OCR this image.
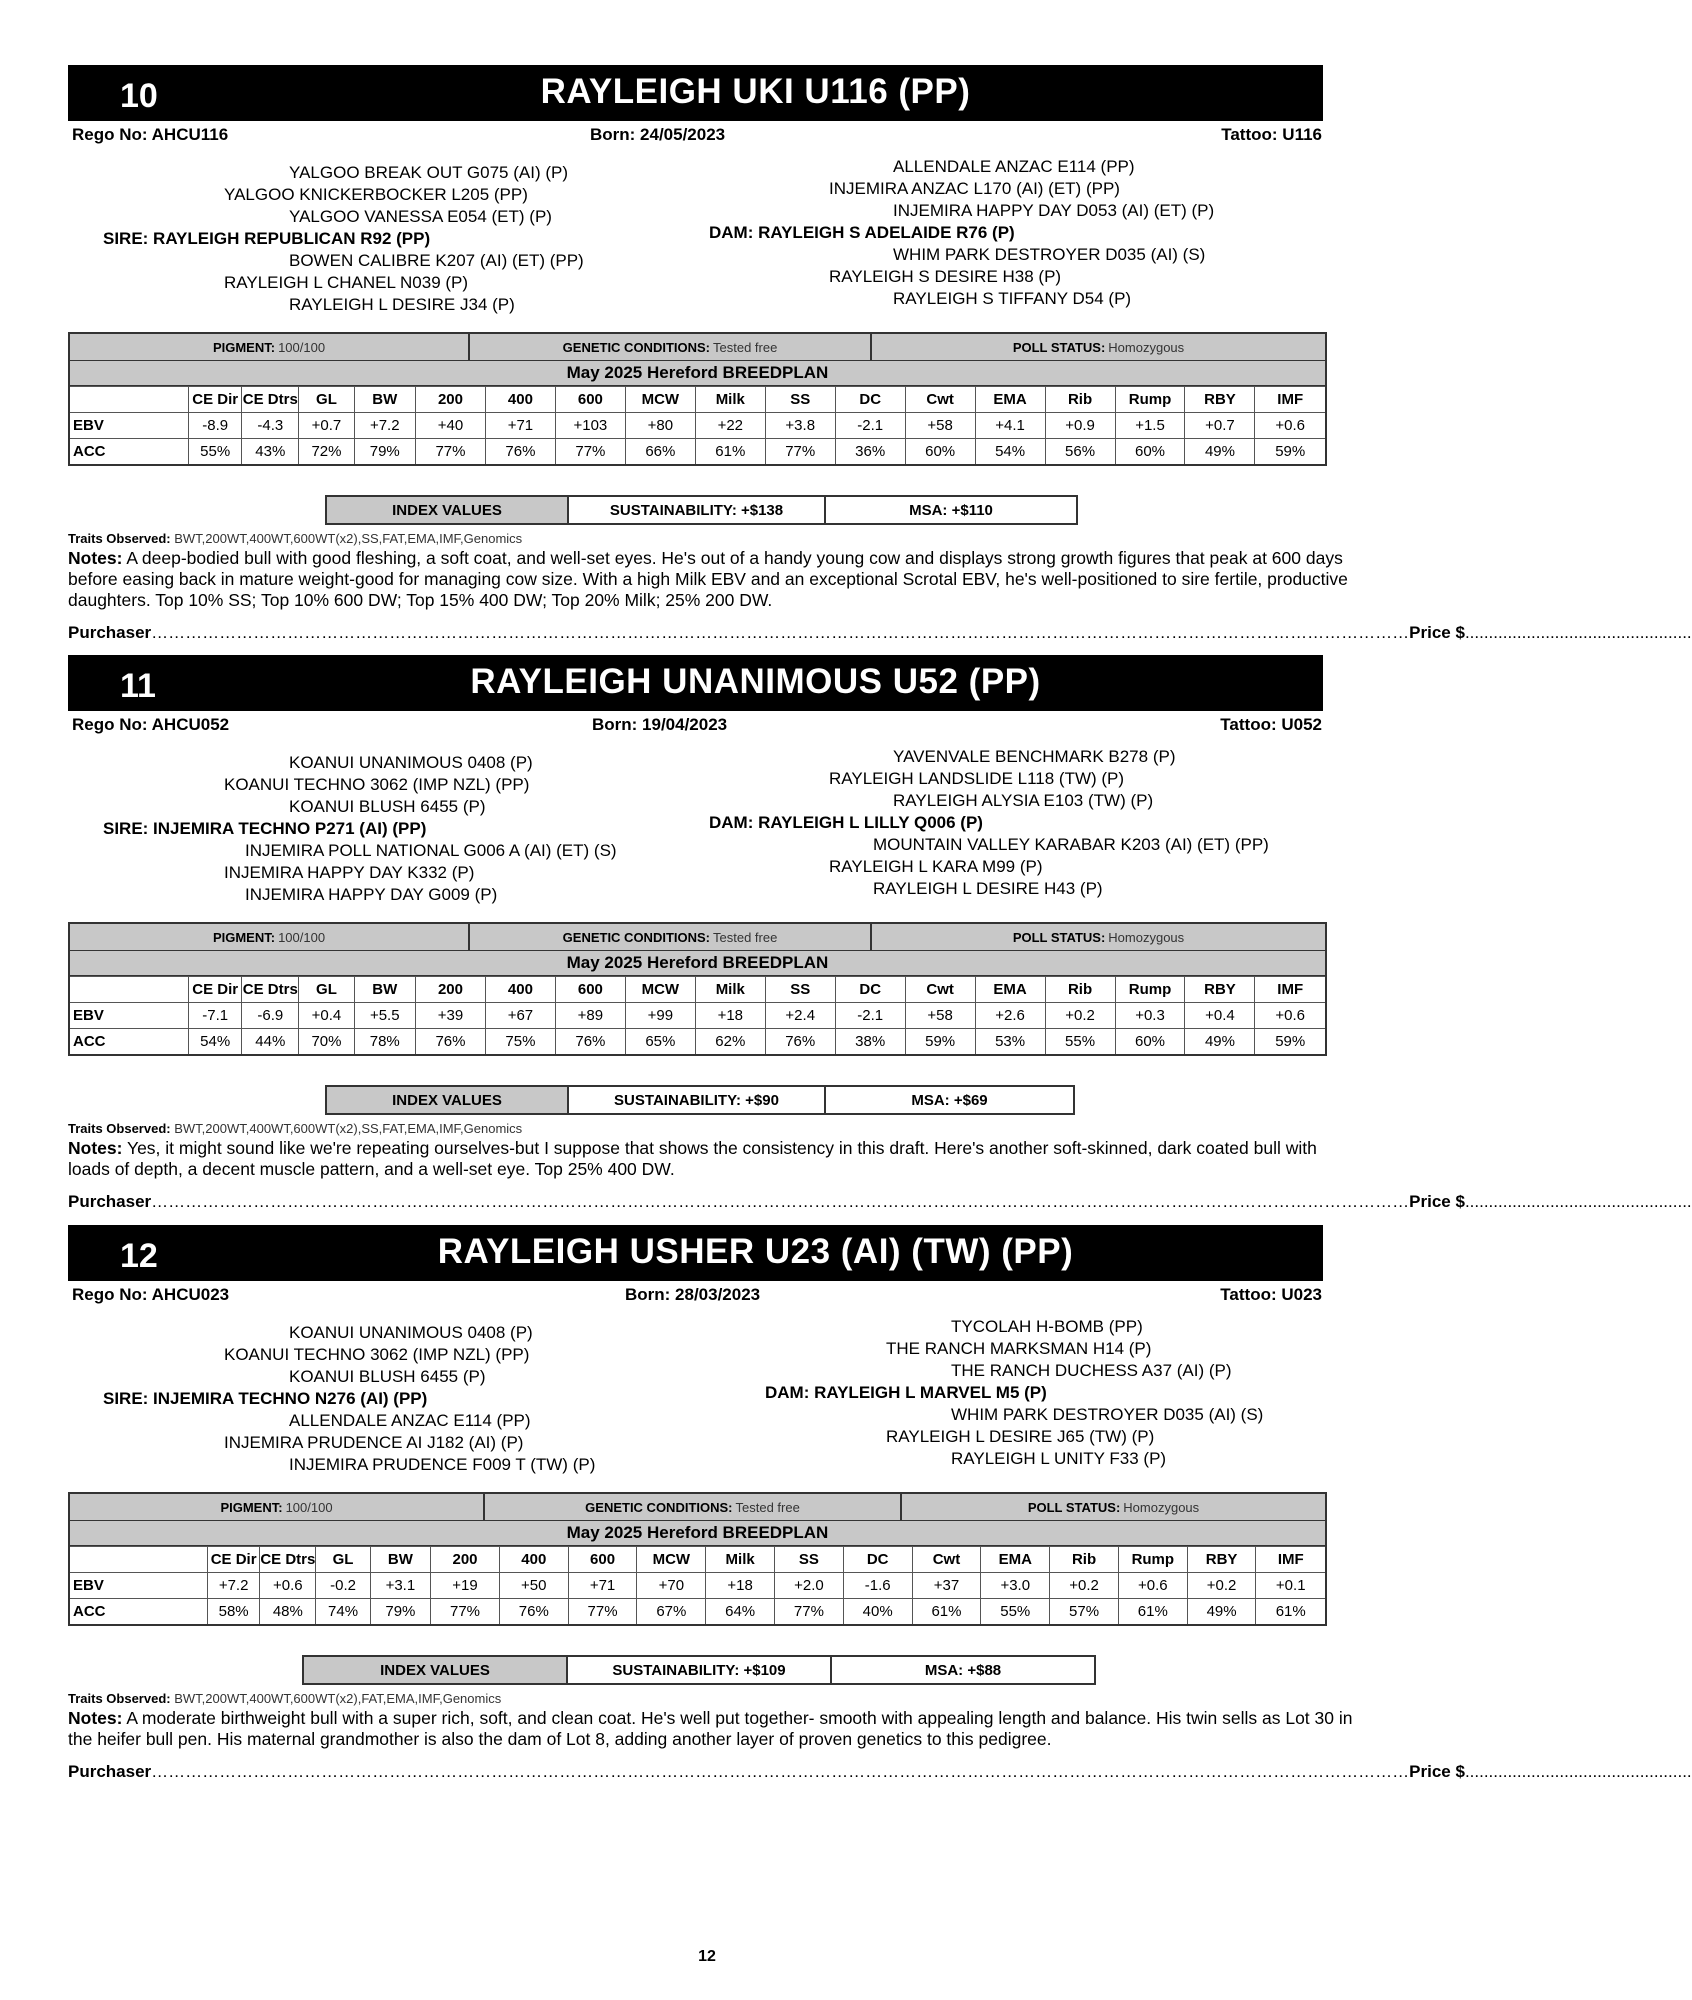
10	RAYLEIGH UKI U116 (PP)
Rego No: AHCU116	Born: 24/05/2023	Tattoo: U116
YALGOO BREAK OUT G075 (AI) (P)
YALGOO KNICKERBOCKER L205 (PP)
YALGOO VANESSA E054 (ET) (P)
SIRE: RAYLEIGH REPUBLICAN R92 (PP)
BOWEN CALIBRE K207 (AI) (ET) (PP)
RAYLEIGH L CHANEL N039 (P)
RAYLEIGH L DESIRE J34 (P)
ALLENDALE ANZAC E114 (PP)
INJEMIRA ANZAC L170 (AI) (ET) (PP)
INJEMIRA HAPPY DAY D053 (AI) (ET) (P)
DAM: RAYLEIGH S ADELAIDE R76 (P)
WHIM PARK DESTROYER D035 (AI) (S)
RAYLEIGH S DESIRE H38 (P)
RAYLEIGH S TIFFANY D54 (P)
PIGMENT: 100/100	GENETIC CONDITIONS: Tested free	POLL STATUS: Homozygous
May 2025 Hereford BREEDPLAN
	CE Dir	CE Dtrs	GL	BW	200	400	600	MCW	Milk	SS	DC	Cwt	EMA	Rib	Rump	RBY	IMF
EBV	-8.9	-4.3	+0.7	+7.2	+40	+71	+103	+80	+22	+3.8	-2.1	+58	+4.1	+0.9	+1.5	+0.7	+0.6
ACC	55%	43%	72%	79%	77%	76%	77%	66%	61%	77%	36%	60%	54%	56%	60%	49%	59%
INDEX VALUES	SUSTAINABILITY: +$138	MSA: +$110
Traits Observed: BWT,200WT,400WT,600WT(x2),SS,FAT,EMA,IMF,Genomics
Notes: A deep-bodied bull with good fleshing, a soft coat, and well-set eyes. He's out of a handy young cow and displays strong growth figures that peak at 600 days before easing back in mature weight-good for managing cow size. With a high Milk EBV and an exceptional Scrotal EBV, he's well-positioned to sire fertile, productive daughters. Top 10% SS; Top 10% 600 DW; Top 15% 400 DW; Top 20% Milk; 25% 200 DW.
Purchaser……………………………………………………………………………………………………………………………………………………………………………………………………Price $................................................
11	RAYLEIGH UNANIMOUS U52 (PP)
Rego No: AHCU052	Born: 19/04/2023	Tattoo: U052
KOANUI UNANIMOUS 0408 (P)
KOANUI TECHNO 3062 (IMP NZL) (PP)
KOANUI BLUSH 6455 (P)
SIRE: INJEMIRA TECHNO P271 (AI) (PP)
INJEMIRA POLL NATIONAL G006 A (AI) (ET) (S)
INJEMIRA HAPPY DAY K332 (P)
INJEMIRA HAPPY DAY G009 (P)
YAVENVALE BENCHMARK B278 (P)
RAYLEIGH LANDSLIDE L118 (TW) (P)
RAYLEIGH ALYSIA E103 (TW) (P)
DAM: RAYLEIGH L LILLY Q006 (P)
MOUNTAIN VALLEY KARABAR K203 (AI) (ET) (PP)
RAYLEIGH L KARA M99 (P)
RAYLEIGH L DESIRE H43 (P)
PIGMENT: 100/100	GENETIC CONDITIONS: Tested free	POLL STATUS: Homozygous
May 2025 Hereford BREEDPLAN
	CE Dir	CE Dtrs	GL	BW	200	400	600	MCW	Milk	SS	DC	Cwt	EMA	Rib	Rump	RBY	IMF
EBV	-7.1	-6.9	+0.4	+5.5	+39	+67	+89	+99	+18	+2.4	-2.1	+58	+2.6	+0.2	+0.3	+0.4	+0.6
ACC	54%	44%	70%	78%	76%	75%	76%	65%	62%	76%	38%	59%	53%	55%	60%	49%	59%
INDEX VALUES	SUSTAINABILITY: +$90	MSA: +$69
Traits Observed: BWT,200WT,400WT,600WT(x2),SS,FAT,EMA,IMF,Genomics
Notes: Yes, it might sound like we're repeating ourselves-but I suppose that shows the consistency in this draft. Here's another soft-skinned, dark coated bull with loads of depth, a decent muscle pattern, and a well-set eye. Top 25% 400 DW.
Purchaser……………………………………………………………………………………………………………………………………………………………………………………………………Price $................................................
12	RAYLEIGH USHER U23 (AI) (TW) (PP)
Rego No: AHCU023	Born: 28/03/2023	Tattoo: U023
KOANUI UNANIMOUS 0408 (P)
KOANUI TECHNO 3062 (IMP NZL) (PP)
KOANUI BLUSH 6455 (P)
SIRE: INJEMIRA TECHNO N276 (AI) (PP)
ALLENDALE ANZAC E114 (PP)
INJEMIRA PRUDENCE AI J182 (AI) (P)
INJEMIRA PRUDENCE F009 T (TW) (P)
TYCOLAH H-BOMB (PP)
THE RANCH MARKSMAN H14 (P)
THE RANCH DUCHESS A37 (AI) (P)
DAM: RAYLEIGH L MARVEL M5 (P)
WHIM PARK DESTROYER D035 (AI) (S)
RAYLEIGH L DESIRE J65 (TW) (P)
RAYLEIGH L UNITY F33 (P)
PIGMENT: 100/100	GENETIC CONDITIONS: Tested free	POLL STATUS: Homozygous
May 2025 Hereford BREEDPLAN
	CE Dir	CE Dtrs	GL	BW	200	400	600	MCW	Milk	SS	DC	Cwt	EMA	Rib	Rump	RBY	IMF
EBV	+7.2	+0.6	-0.2	+3.1	+19	+50	+71	+70	+18	+2.0	-1.6	+37	+3.0	+0.2	+0.6	+0.2	+0.1
ACC	58%	48%	74%	79%	77%	76%	77%	67%	64%	77%	40%	61%	55%	57%	61%	49%	61%
INDEX VALUES	SUSTAINABILITY: +$109	MSA: +$88
Traits Observed: BWT,200WT,400WT,600WT(x2),FAT,EMA,IMF,Genomics
Notes: A moderate birthweight bull with a super rich, soft, and clean coat. He's well put together- smooth with appealing length and balance. His twin sells as Lot 30 in the heifer bull pen. His maternal grandmother is also the dam of Lot 8, adding another layer of proven genetics to this pedigree.
Purchaser……………………………………………………………………………………………………………………………………………………………………………………………………Price $................................................
12
